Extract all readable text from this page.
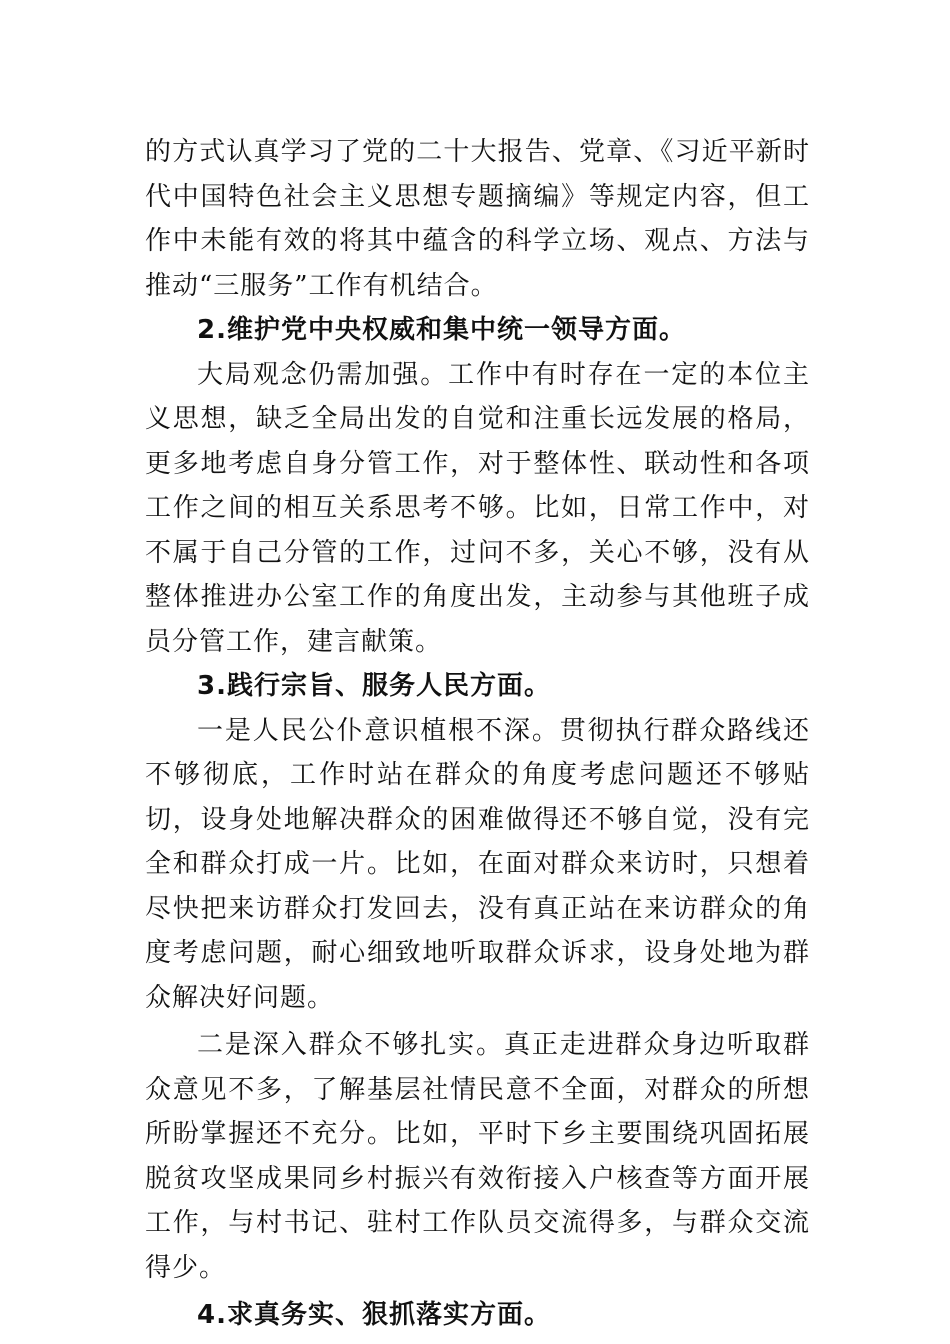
的方式认真学习了党的二十大报告、党章、《习近平新时代中国特色社会主义思想专题摘编》等规定内容，但工作中未能有效的将其中蕴含的科学立场、观点、方法与推动“三服务”工作有机结合。

2.维护党中央权威和集中统一领导方面。

大局观念仍需加强。工作中有时存在一定的本位主义思想，缺乏全局出发的自觉和注重长远发展的格局，更多地考虑自身分管工作，对于整体性、联动性和各项工作之间的相互关系思考不够。比如，日常工作中，对不属于自己分管的工作，过问不多，关心不够，没有从整体推进办公室工作的角度出发，主动参与其他班子成员分管工作，建言献策。

3.践行宗旨、服务人民方面。

一是人民公仆意识植根不深。贯彻执行群众路线还不够彻底，工作时站在群众的角度考虑问题还不够贴切，设身处地解决群众的困难做得还不够自觉，没有完全和群众打成一片。比如，在面对群众来访时，只想着尽快把来访群众打发回去，没有真正站在来访群众的角度考虑问题，耐心细致地听取群众诉求，设身处地为群众解决好问题。

二是深入群众不够扎实。真正走进群众身边听取群众意见不多，了解基层社情民意不全面，对群众的所想所盼掌握还不充分。比如，平时下乡主要围绕巩固拓展脱贫攻坚成果同乡村振兴有效衔接入户核查等方面开展工作，与村书记、驻村工作队员交流得多，与群众交流得少。

4.求真务实、狠抓落实方面。
